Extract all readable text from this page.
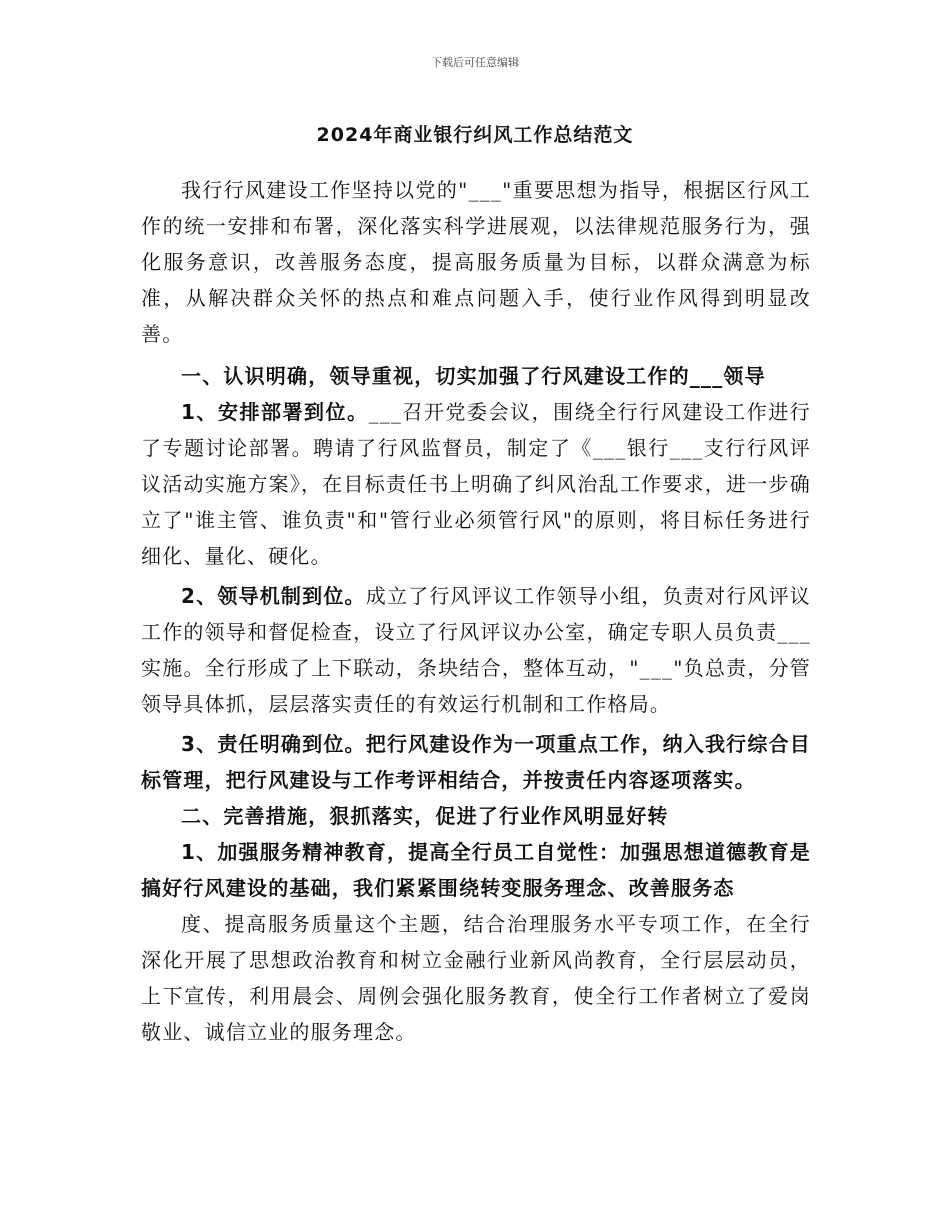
下载后可任意编辑
2024年商业银行纠风工作总结范文

我行行风建设工作坚持以党的"___"重要思想为指导，根据区行风工作的统一安排和布署，深化落实科学进展观，以法律规范服务行为，强化服务意识，改善服务态度，提高服务质量为目标，以群众满意为标准，从解决群众关怀的热点和难点问题入手，使行业作风得到明显改善。

一、认识明确，领导重视，切实加强了行风建设工作的___领导

1、安排部署到位。___召开党委会议，围绕全行行风建设工作进行了专题讨论部署。聘请了行风监督员，制定了《___银行___支行行风评议活动实施方案》，在目标责任书上明确了纠风治乱工作要求，进一步确立了"谁主管、谁负责"和"管行业必须管行风"的原则，将目标任务进行细化、量化、硬化。

2、领导机制到位。成立了行风评议工作领导小组，负责对行风评议工作的领导和督促检查，设立了行风评议办公室，确定专职人员负责___实施。全行形成了上下联动，条块结合，整体互动，"___"负总责，分管领导具体抓，层层落实责任的有效运行机制和工作格局。

3、责任明确到位。把行风建设作为一项重点工作，纳入我行综合目标管理，把行风建设与工作考评相结合，并按责任内容逐项落实。

二、完善措施，狠抓落实，促进了行业作风明显好转

1、加强服务精神教育，提高全行员工自觉性：加强思想道德教育是搞好行风建设的基础，我们紧紧围绕转变服务理念、改善服务态

度、提高服务质量这个主题，结合治理服务水平专项工作，在全行深化开展了思想政治教育和树立金融行业新风尚教育，全行层层动员，上下宣传，利用晨会、周例会强化服务教育，使全行工作者树立了爱岗敬业、诚信立业的服务理念。
